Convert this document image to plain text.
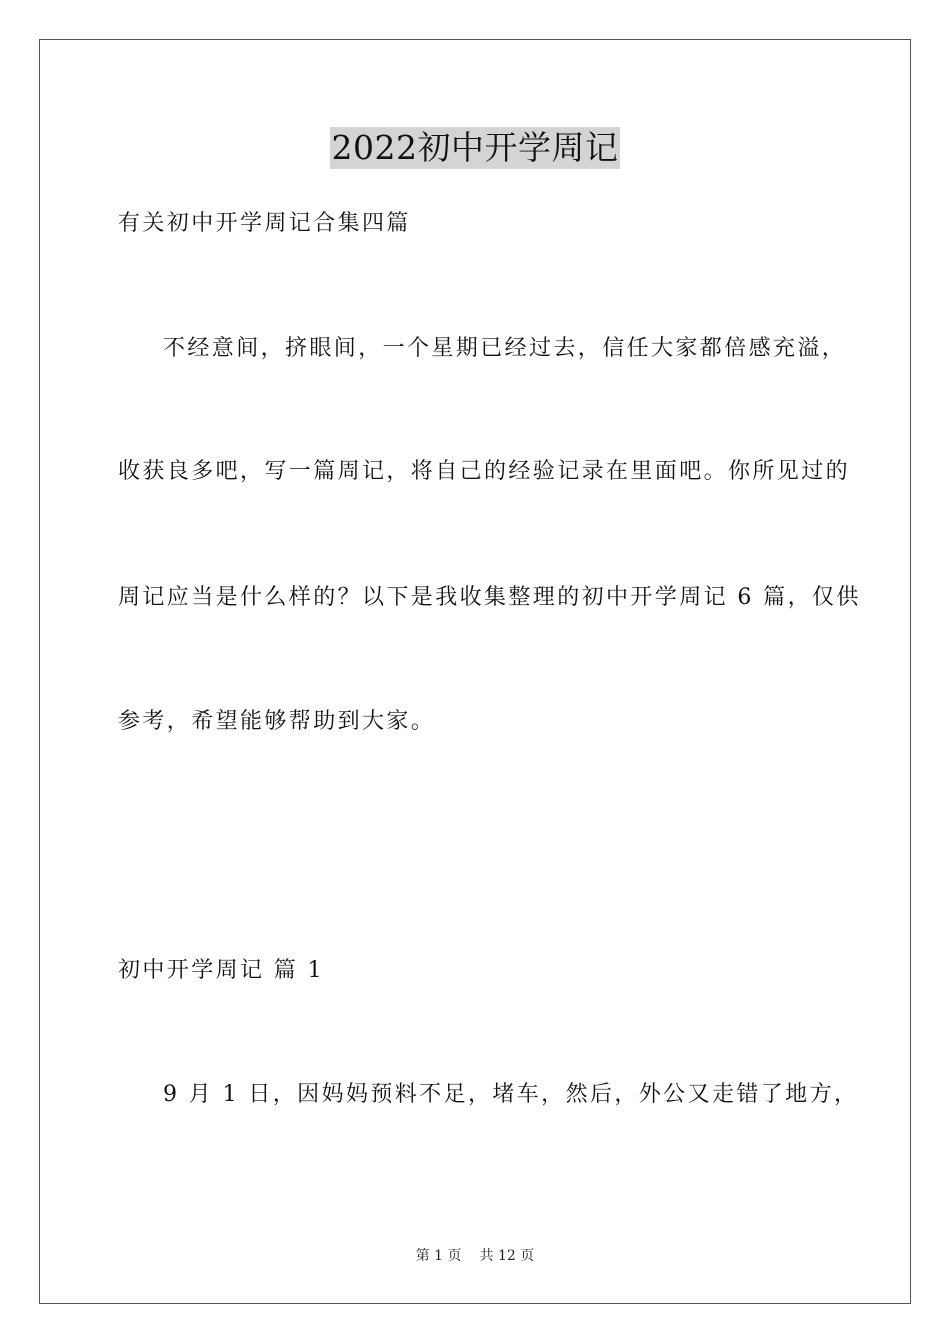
2022初中开学周记
有关初中开学周记合集四篇
不经意间，挤眼间，一个星期已经过去，信任大家都倍感充溢，
收获良多吧，写一篇周记，将自己的经验记录在里面吧。你所见过的
周记应当是什么样的？以下是我收集整理的初中开学周记 6 篇，仅供
参考，希望能够帮助到大家。
初中开学周记 篇 1
9 月 1 日，因妈妈预料不足，堵车，然后，外公又走错了地方，
第 1 页 共 12 页
